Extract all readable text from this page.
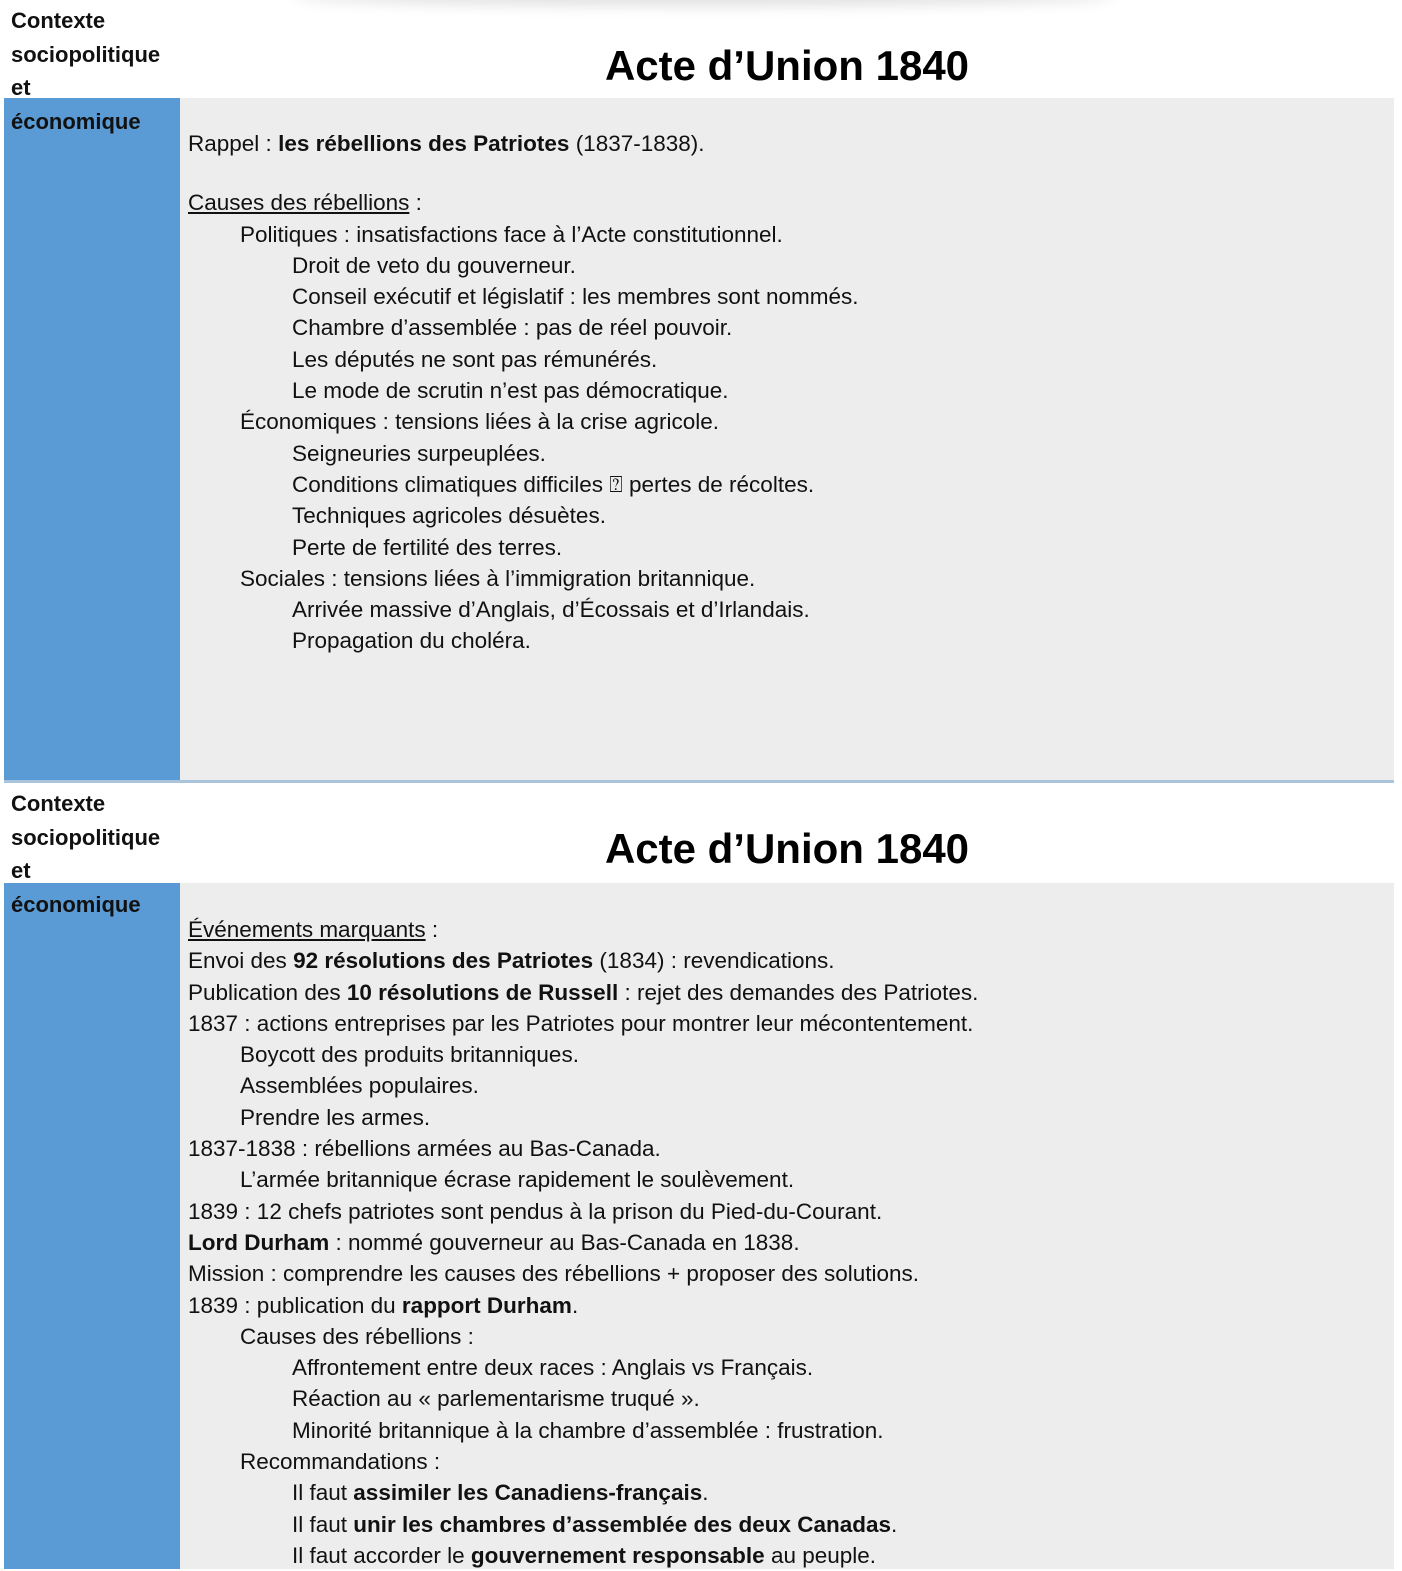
Rappel : les rébellions des Patriotes (1837-1838).
Causes des rébellions :
Politiques : insatisfactions face à l’Acte constitutionnel.
Droit de veto du gouverneur.
Conseil exécutif et législatif : les membres sont nommés.
Chambre d’assemblée : pas de réel pouvoir.
Les députés ne sont pas rémunérés.
Le mode de scrutin n’est pas démocratique.
Économiques : tensions liées à la crise agricole.
Seigneuries surpeuplées.
Conditions climatiques difficiles ⍰ pertes de récoltes.
Techniques agricoles désuètes.
Perte de fertilité des terres.
Sociales : tensions liées à l’immigration britannique.
Arrivée massive d’Anglais, d’Écossais et d’Irlandais.
Propagation du choléra.
Contexte
sociopolitique
et
économique
Acte d’Union 1840
Événements marquants :
Envoi des 92 résolutions des Patriotes (1834) : revendications.
Publication des 10 résolutions de Russell : rejet des demandes des Patriotes.
1837 : actions entreprises par les Patriotes pour montrer leur mécontentement.
Boycott des produits britanniques.
Assemblées populaires.
Prendre les armes.
1837-1838 : rébellions armées au Bas-Canada.
L’armée britannique écrase rapidement le soulèvement.
1839 : 12 chefs patriotes sont pendus à la prison du Pied-du-Courant.
Lord Durham : nommé gouverneur au Bas-Canada en 1838.
Mission : comprendre les causes des rébellions + proposer des solutions.
1839 : publication du rapport Durham.
Causes des rébellions :
Affrontement entre deux races : Anglais vs Français.
Réaction au « parlementarisme truqué ».
Minorité britannique à la chambre d’assemblée : frustration.
Recommandations :
Il faut assimiler les Canadiens-français.
Il faut unir les chambres d’assemblée des deux Canadas.
Il faut accorder le gouvernement responsable au peuple.
Contexte
sociopolitique
et
économique
Acte d’Union 1840
